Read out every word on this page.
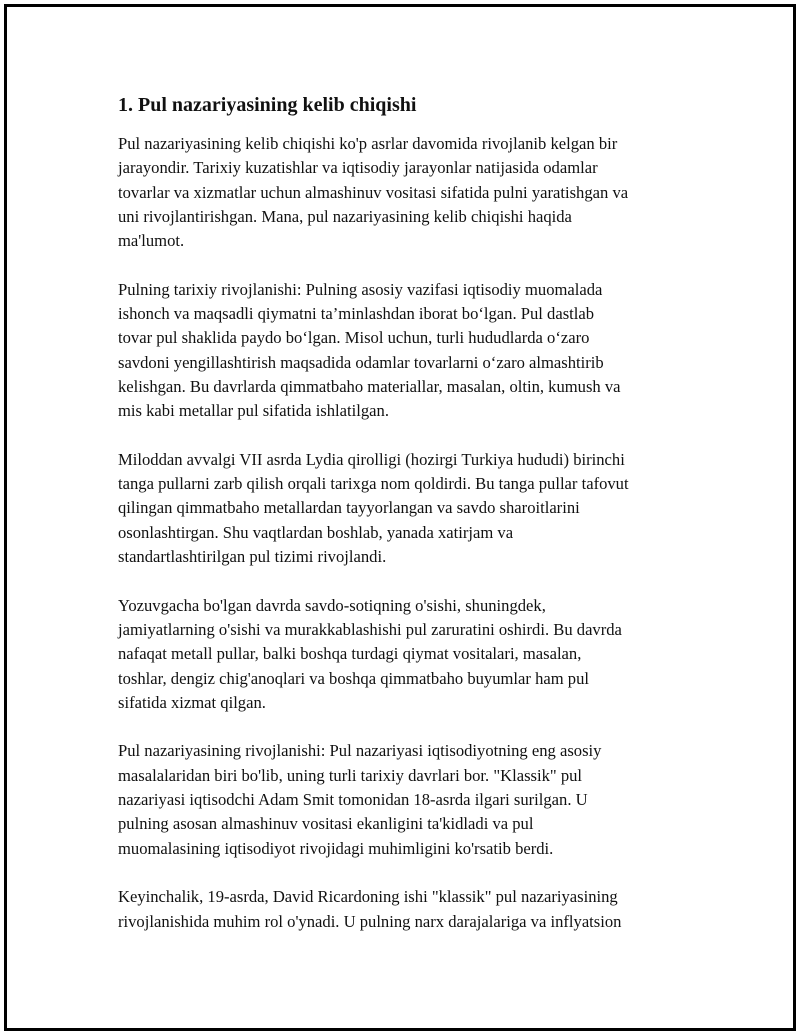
1. Pul nazariyasining kelib chiqishi

Pul nazariyasining kelib chiqishi ko'p asrlar davomida rivojlanib kelgan bir
jarayondir. Tarixiy kuzatishlar va iqtisodiy jarayonlar natijasida odamlar
tovarlar va xizmatlar uchun almashinuv vositasi sifatida pulni yaratishgan va
uni rivojlantirishgan. Mana, pul nazariyasining kelib chiqishi haqida
ma'lumot.

Pulning tarixiy rivojlanishi: Pulning asosiy vazifasi iqtisodiy muomalada
ishonch va maqsadli qiymatni ta’minlashdan iborat bo‘lgan. Pul dastlab
tovar pul shaklida paydo bo‘lgan. Misol uchun, turli hududlarda o‘zaro
savdoni yengillashtirish maqsadida odamlar tovarlarni o‘zaro almashtirib
kelishgan. Bu davrlarda qimmatbaho materiallar, masalan, oltin, kumush va
mis kabi metallar pul sifatida ishlatilgan.

Miloddan avvalgi VII asrda Lydia qirolligi (hozirgi Turkiya hududi) birinchi
tanga pullarni zarb qilish orqali tarixga nom qoldirdi. Bu tanga pullar tafovut
qilingan qimmatbaho metallardan tayyorlangan va savdo sharoitlarini
osonlashtirgan. Shu vaqtlardan boshlab, yanada xatirjam va
standartlashtirilgan pul tizimi rivojlandi.

Yozuvgacha bo'lgan davrda savdo-sotiqning o'sishi, shuningdek,
jamiyatlarning o'sishi va murakkablashishi pul zaruratini oshirdi. Bu davrda
nafaqat metall pullar, balki boshqa turdagi qiymat vositalari, masalan,
toshlar, dengiz chig'anoqlari va boshqa qimmatbaho buyumlar ham pul
sifatida xizmat qilgan.

Pul nazariyasining rivojlanishi: Pul nazariyasi iqtisodiyotning eng asosiy
masalalaridan biri bo'lib, uning turli tarixiy davrlari bor. "Klassik" pul
nazariyasi iqtisodchi Adam Smit tomonidan 18-asrda ilgari surilgan. U
pulning asosan almashinuv vositasi ekanligini ta'kidladi va pul
muomalasining iqtisodiyot rivojidagi muhimligini ko'rsatib berdi.

Keyinchalik, 19-asrda, David Ricardoning ishi "klassik" pul nazariyasining
rivojlanishida muhim rol o'ynadi. U pulning narx darajalariga va inflyatsion
